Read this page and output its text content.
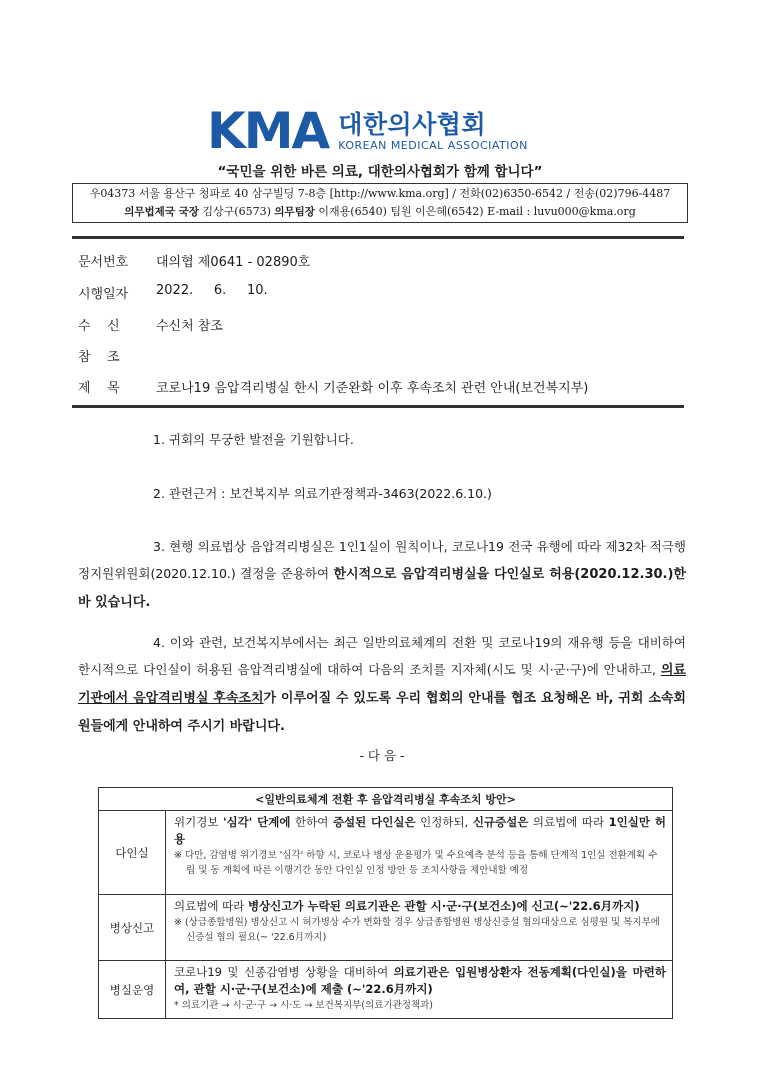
KMA 대한의사협회
KOREAN MEDICAL ASSOCIATION
“국민을 위한 바른 의료, 대한의사협회가 함께 합니다”
우04373 서울 용산구 청파로 40 삼구빌딩 7-8층 [http://www.kma.org] / 전화(02)6350-6542 / 전송(02)796-4487
의무법제국 국장 김상구(6573) 의무팀장 이재용(6540) 팀원 이은혜(6542) E-mail : luvu000@kma.org
문서번호	대의협 제0641 - 02890호
시행일자	2022.     6.     10.
수    신	수신처 참조
참    조
제    목	코로나19 음압격리병실 한시 기준완화 이후 후속조치 관련 안내(보건복지부)
1. 귀회의 무궁한 발전을 기원합니다.
2. 관련근거 : 보건복지부 의료기관정책과-3463(2022.6.10.)
3. 현행 의료법상 음압격리병실은 1인1실이 원칙이나, 코로나19 전국 유행에 따라 제32차 적극행정지원위원회(2020.12.10.) 결정을 준용하여 한시적으로 음압격리병실을 다인실로 허용(2020.12.30.)한 바 있습니다.
4. 이와 관련, 보건복지부에서는 최근 일반의료체계의 전환 및 코로나19의 재유행 등을 대비하여 한시적으로 다인실이 허용된 음압격리병실에 대하여 다음의 조치를 지자체(시도 및 시·군·구)에 안내하고, 의료기관에서 음압격리병실 후속조치가 이루어질 수 있도록 우리 협회의 안내를 협조 요청해온 바, 귀회 소속회원들에게 안내하여 주시기 바랍니다.
- 다 음 -
<일반의료체계 전환 후 음압격리병실 후속조치 방안>	
다인실	위기경보 '심각' 단계에 한하여 증설된 다인실은 인정하되, 신규증설은 의료법에 따라 1인실만 허용
※ 다만, 감염병 위기경보 '심각' 하향 시, 코로나 병상 운용평가 및 수요예측 분석 등을 통해 단계적 1인실 전환계획 수립 및 동 계획에 따른 이행기간 동안 다인실 인정 방안 등 조치사항을 제안내할 예정

병상신고	의료법에 따라 병상신고가 누락된 의료기관은 관할 시·군·구(보건소)에 신고(~'22.6月까지)
※ (상급종합병원) 병상신고 시 허가병상 수가 변화할 경우 상급종합병원 병상신증설 협의대상으로 심평원 및 복지부에 신증설 협의 필요(~ '22.6月까지)

병실운영	코로나19 및 신종감염병 상황을 대비하여 의료기관은 입원병상환자 전동계획(다인실)을 마련하여, 관할 시·군·구(보건소)에 제출 (~'22.6月까지)
* 의료기관 → 시·군·구 → 시·도 → 보건복지부(의료기관정책과)
